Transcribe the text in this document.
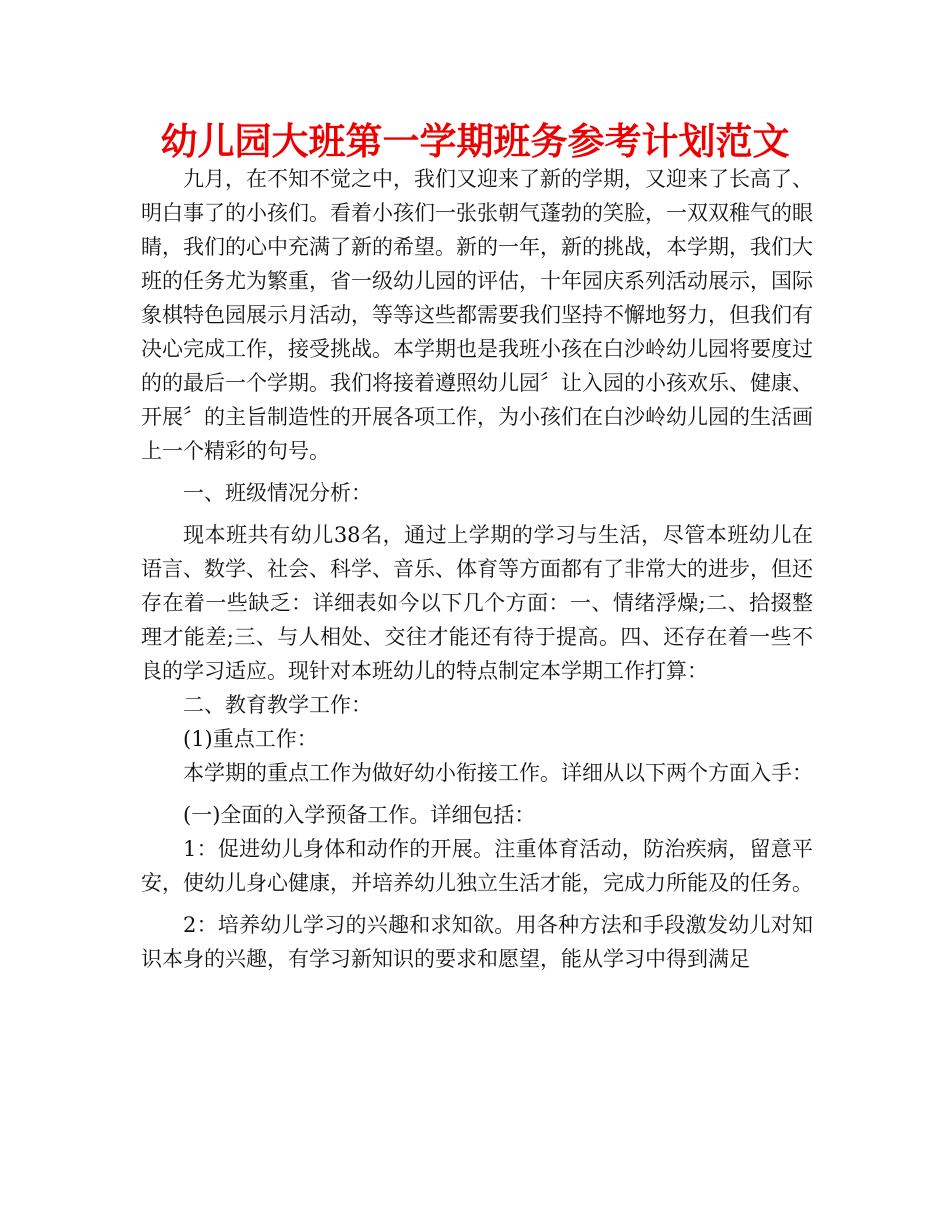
幼儿园大班第一学期班务参考计划范文

九月，在不知不觉之中，我们又迎来了新的学期，又迎来了长高了、明白事了的小孩们。看着小孩们一张张朝气蓬勃的笑脸，一双双稚气的眼睛，我们的心中充满了新的希望。新的一年，新的挑战，本学期，我们大班的任务尤为繁重，省一级幼儿园的评估，十年园庆系列活动展示，国际象棋特色园展示月活动，等等这些都需要我们坚持不懈地努力，但我们有决心完成工作，接受挑战。本学期也是我班小孩在白沙岭幼儿园将要度过的的最后一个学期。我们将接着遵照幼儿园〞让入园的小孩欢乐、健康、开展〞的主旨制造性的开展各项工作，为小孩们在白沙岭幼儿园的生活画上一个精彩的句号。

一、班级情况分析：

现本班共有幼儿38名，通过上学期的学习与生活，尽管本班幼儿在语言、数学、社会、科学、音乐、体育等方面都有了非常大的进步，但还存在着一些缺乏：详细表如今以下几个方面：一、情绪浮燥;二、拾掇整理才能差;三、与人相处、交往才能还有待于提高。四、还存在着一些不良的学习适应。现针对本班幼儿的特点制定本学期工作打算：

二、教育教学工作：

(1)重点工作：

本学期的重点工作为做好幼小衔接工作。详细从以下两个方面入手：

(一)全面的入学预备工作。详细包括：

1：促进幼儿身体和动作的开展。注重体育活动，防治疾病，留意平安，使幼儿身心健康，并培养幼儿独立生活才能，完成力所能及的任务。

2：培养幼儿学习的兴趣和求知欲。用各种方法和手段激发幼儿对知识本身的兴趣，有学习新知识的要求和愿望，能从学习中得到满足
